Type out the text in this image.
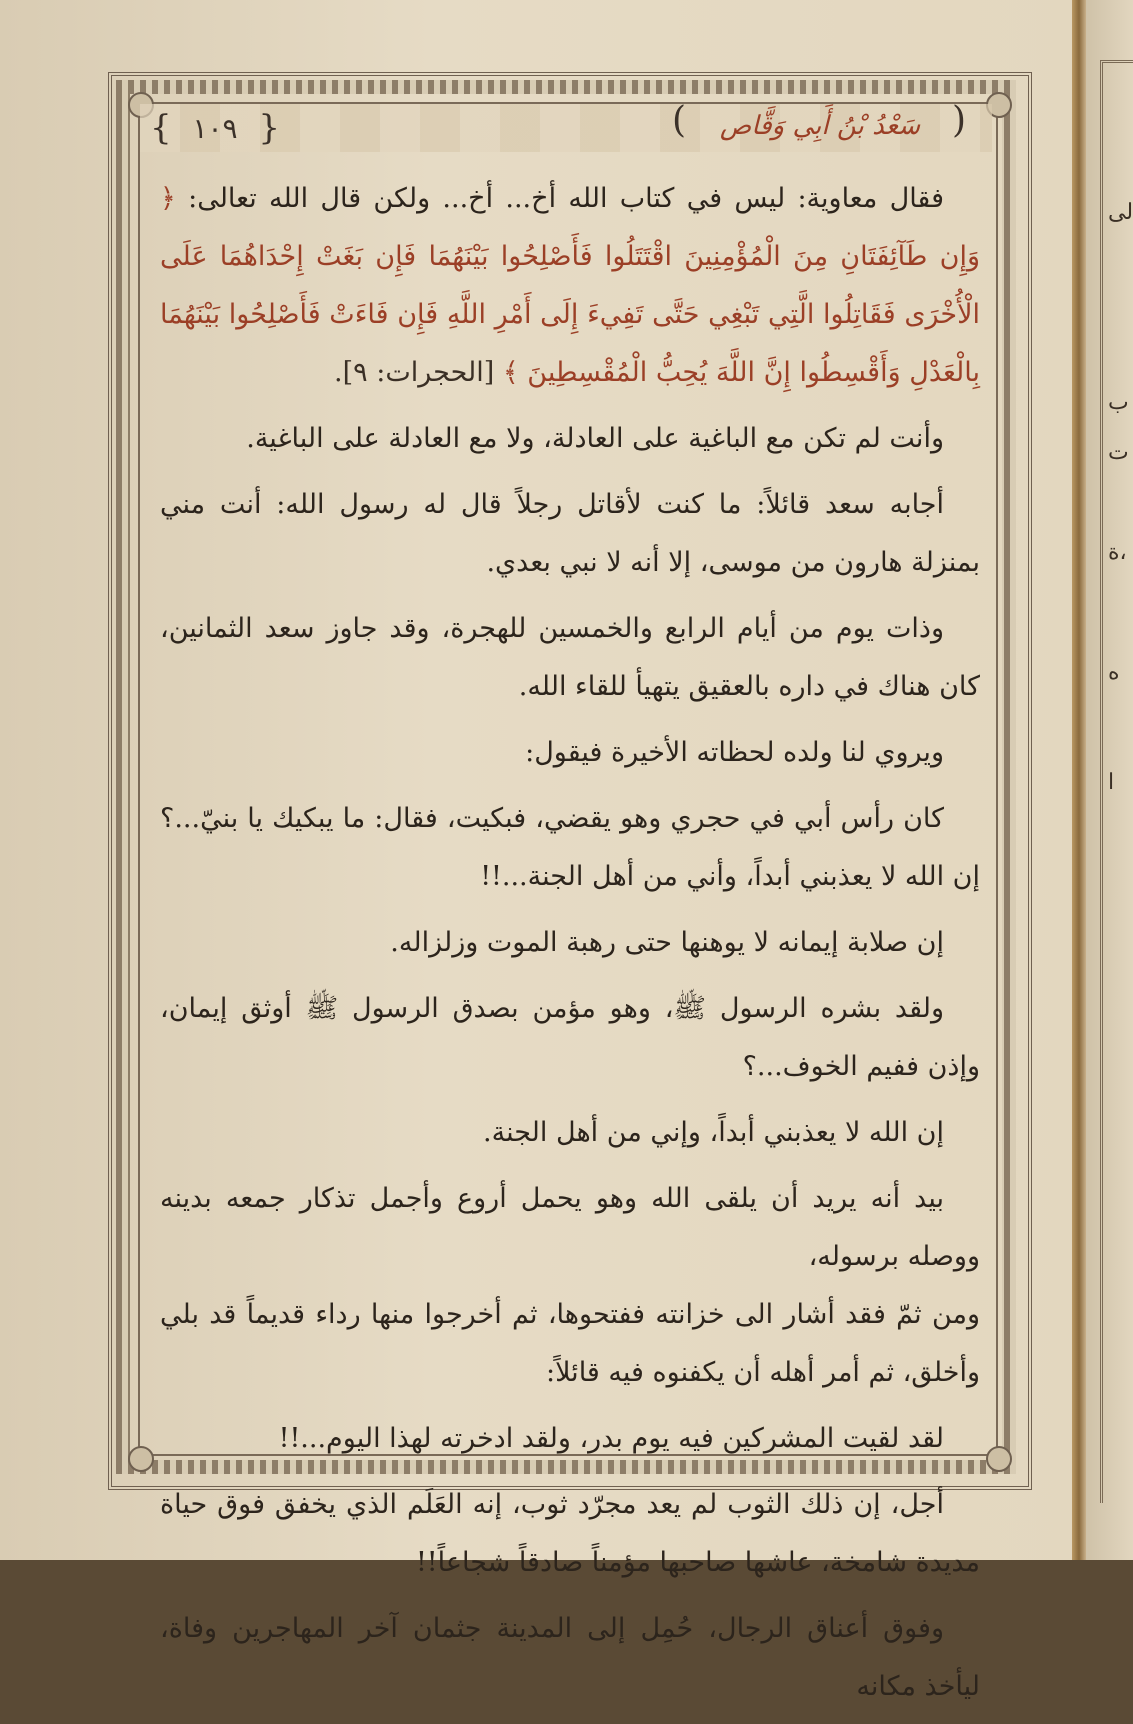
{ ١٠٩
}	(	سَعْدُ بْنُ أَبِي وَقَّاص )

فقال معاوية: ليس في كتاب الله أخ... أخ... ولكن قال الله تعالى: ﴿ وَإِن طَآئِفَتَانِ مِنَ الْمُؤْمِنِينَ اقْتَتَلُوا فَأَصْلِحُوا بَيْنَهُمَا فَإِن بَغَتْ إِحْدَاهُمَا عَلَى الْأُخْرَى فَقَاتِلُوا الَّتِي تَبْغِي حَتَّى تَفِيءَ إِلَى أَمْرِ اللَّهِ فَإِن فَاءَتْ فَأَصْلِحُوا بَيْنَهُمَا بِالْعَدْلِ وَأَقْسِطُوا إِنَّ اللَّهَ يُحِبُّ الْمُقْسِطِينَ ﴾ [الحجرات: ٩].

وأنت لم تكن مع الباغية على العادلة، ولا مع العادلة على الباغية.

أجابه سعد قائلاً: ما كنت لأقاتل رجلاً قال له رسول الله: أنت مني بمنزلة هارون من موسى، إلا أنه لا نبي بعدي.

وذات يوم من أيام الرابع والخمسين للهجرة، وقد جاوز سعد الثمانين، كان هناك في داره بالعقيق يتهيأ للقاء الله.

ويروي لنا ولده لحظاته الأخيرة فيقول:

كان رأس أبي في حجري وهو يقضي، فبكيت، فقال: ما يبكيك يا بنيّ...؟ إن الله لا يعذبني أبداً، وأني من أهل الجنة...!!

إن صلابة إيمانه لا يوهنها حتى رهبة الموت وزلزاله.

ولقد بشره الرسول ﷺ، وهو مؤمن بصدق الرسول ﷺ أوثق إيمان، وإذن ففيم الخوف...؟

إن الله لا يعذبني أبداً، وإني من أهل الجنة.

بيد أنه يريد أن يلقى الله وهو يحمل أروع وأجمل تذكار جمعه بدينه ووصله برسوله،

ومن ثمّ فقد أشار الى خزانته ففتحوها، ثم أخرجوا منها رداء قديماً قد بلي وأخلق، ثم أمر أهله أن يكفنوه فيه قائلاً:

لقد لقيت المشركين فيه يوم بدر، ولقد ادخرته لهذا اليوم...!!

أجل، إن ذلك الثوب لم يعد مجرّد ثوب، إنه العَلَم الذي يخفق فوق حياة مديدة شامخة، عاشها صاحبها مؤمناً صادقاً شجاعاً!!

وفوق أعناق الرجال، حُمِل إلى المدينة جثمان آخر المهاجرين وفاة، ليأخذ مكانه

لى
ب
ت
ة،
ه
ا
